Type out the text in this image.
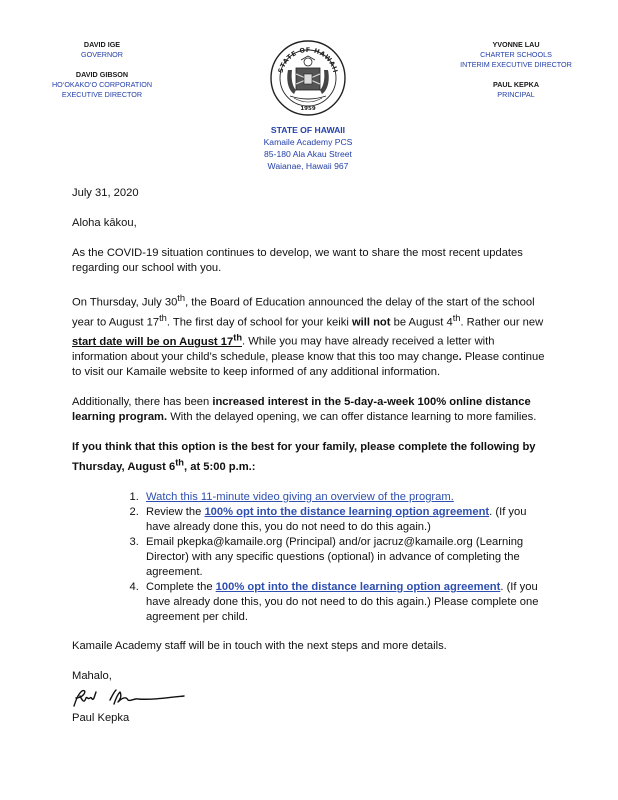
DAVID IGE
GOVERNOR
DAVID GIBSON
HO‘OKAKO‘O CORPORATION
EXECUTIVE DIRECTOR
STATE OF HAWAII
1959
YVONNE LAU
CHARTER SCHOOLS
INTERIM EXECUTIVE DIRECTOR
PAUL KEPKA
PRINCIPAL
STATE OF HAWAII
Kamaile Academy PCS
85-180 Ala Akau Street
Waianae, Hawaii 967

July 31, 2020

Aloha kākou,

As the COVID-19 situation continues to develop, we want to share the most recent updates regarding our school with you.

On Thursday, July 30th, the Board of Education announced the delay of the start of the school year to August 17th. The first day of school for your keiki will not be August 4th. Rather our new start date will be on August 17th. While you may have already received a letter with information about your child’s schedule, please know that this too may change. Please continue to visit our Kamaile website to keep informed of any additional information.

Additionally, there has been increased interest in the 5-day-a-week 100% online distance learning program. With the delayed opening, we can offer distance learning to more families.

If you think that this option is the best for your family, please complete the following by Thursday, August 6th, at 5:00 p.m.:

1. Watch this 11-minute video giving an overview of the program.
2. Review the 100% opt into the distance learning option agreement. (If you have already done this, you do not need to do this again.)
3. Email pkepka@kamaile.org (Principal) and/or jacruz@kamaile.org (Learning Director) with any specific questions (optional) in advance of completing the agreement.
4. Complete the 100% opt into the distance learning option agreement. (If you have already done this, you do not need to do this again.) Please complete one agreement per child.

Kamaile Academy staff will be in touch with the next steps and more details.

Mahalo,
Paul Kepka
